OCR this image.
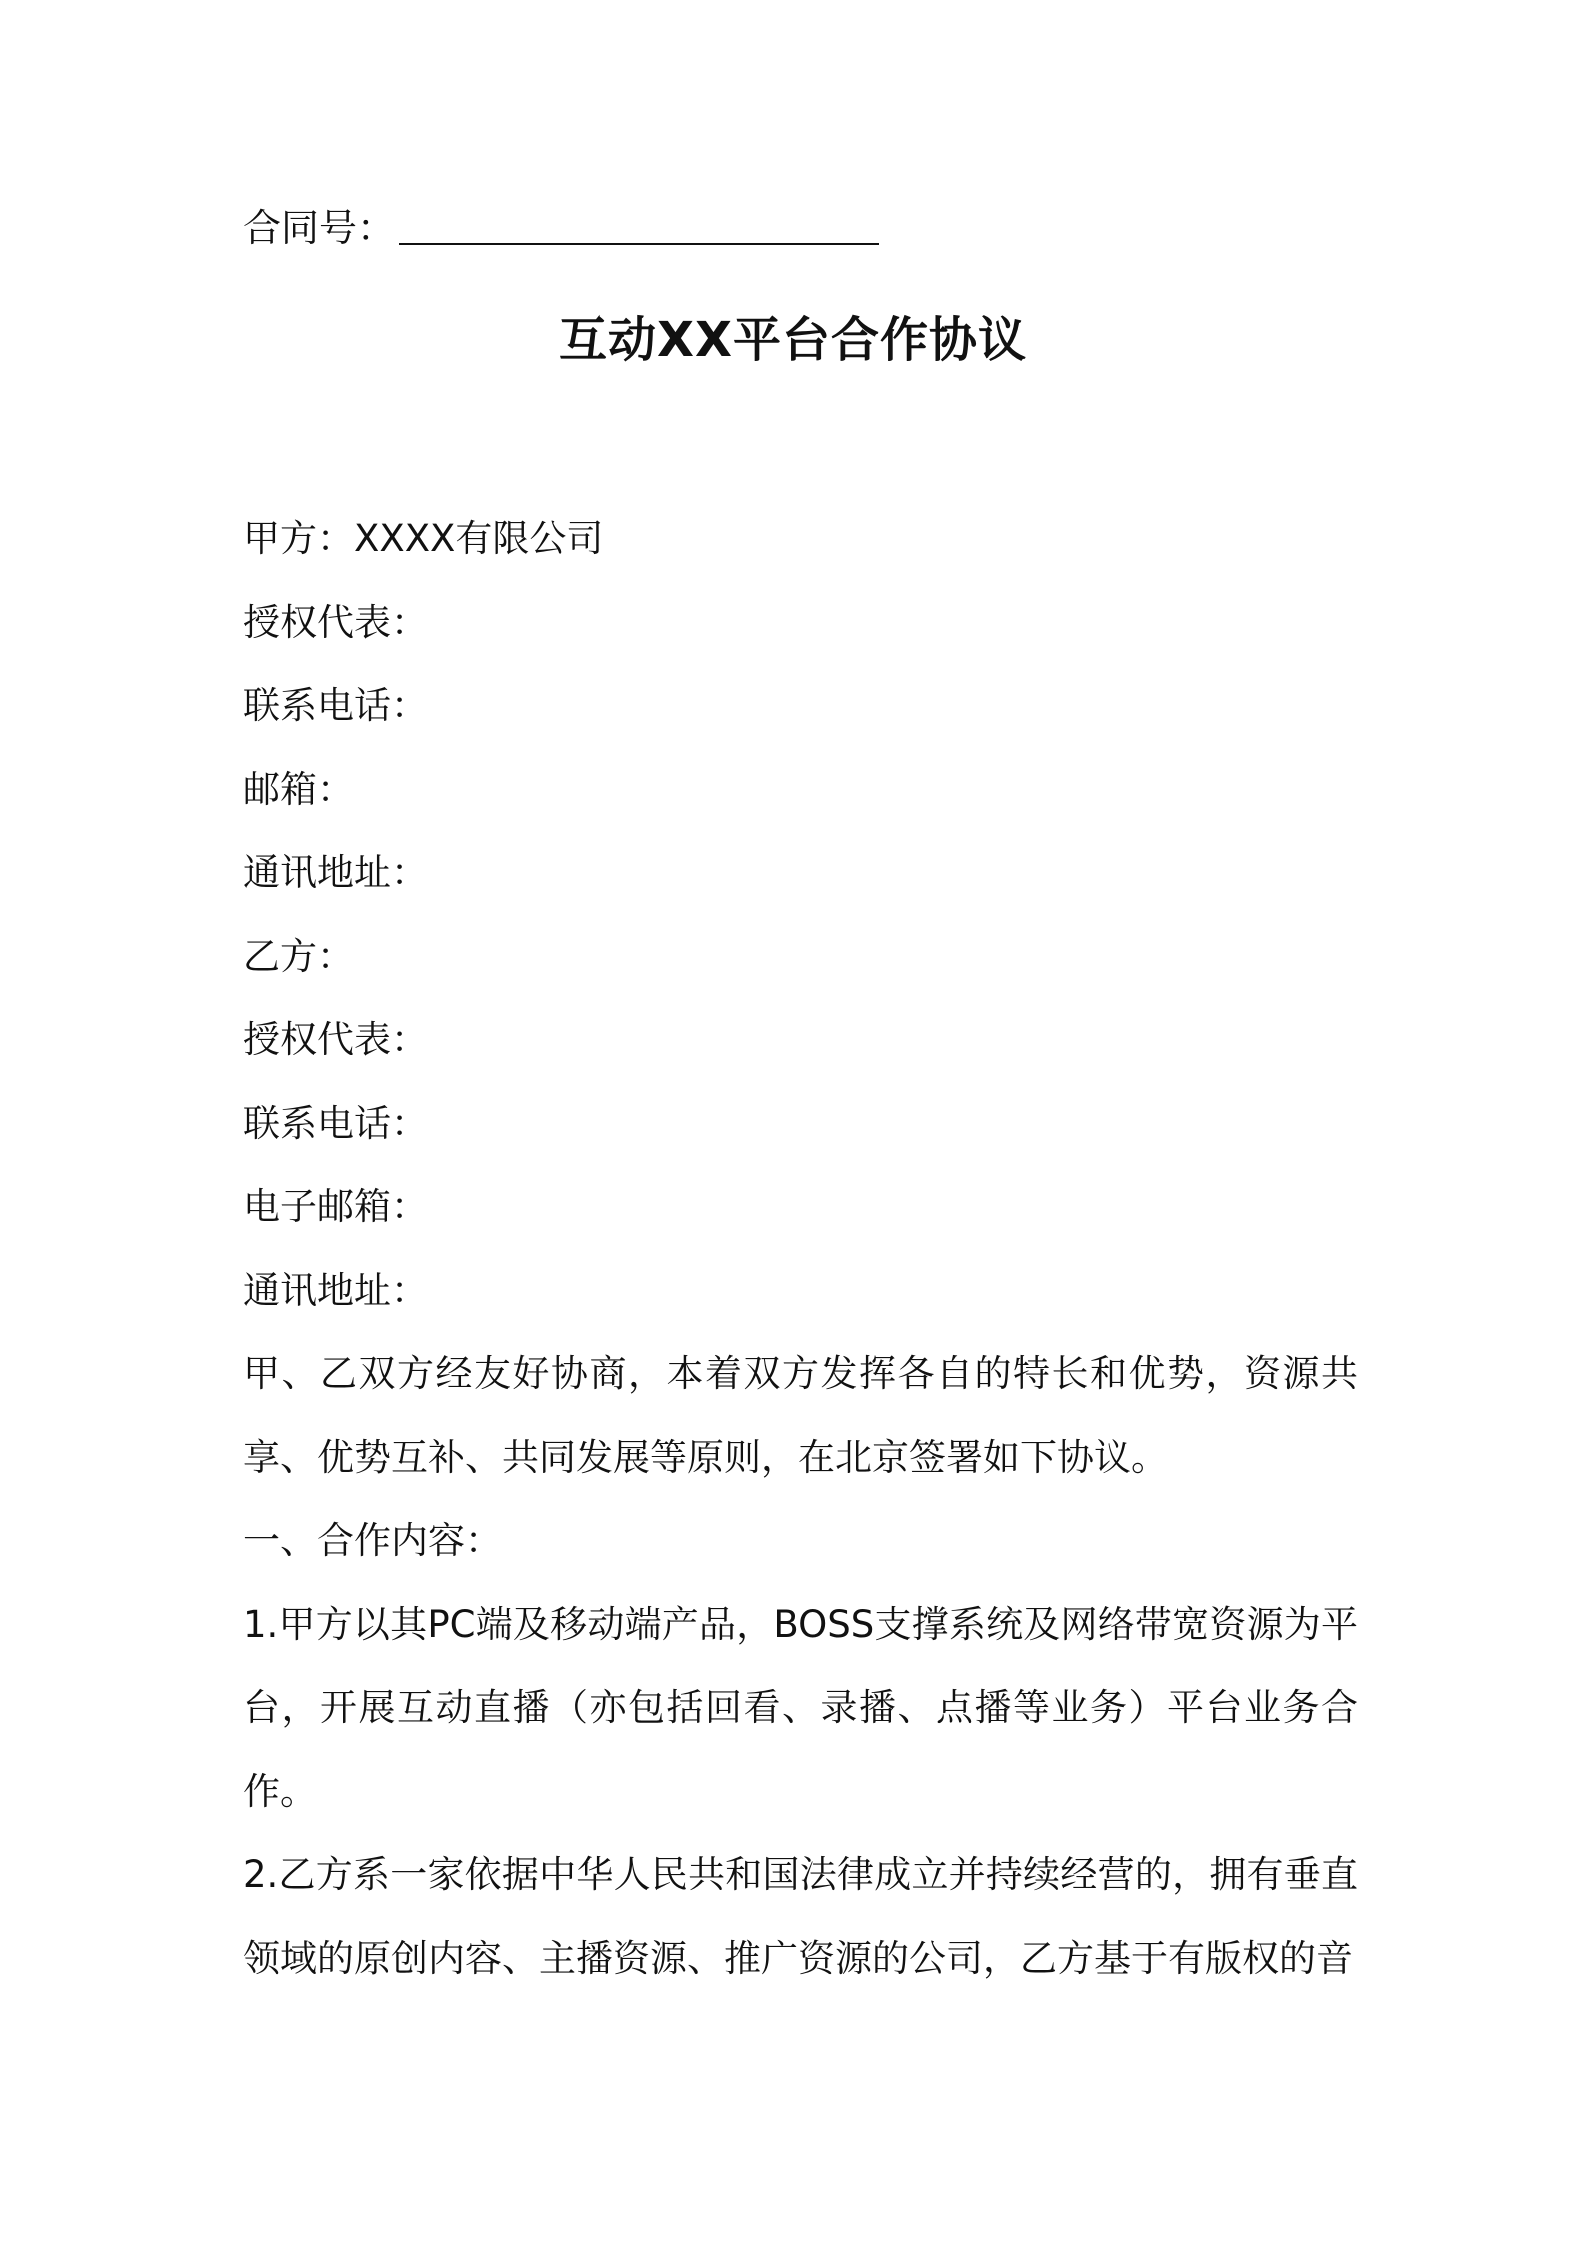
合同号：
互动XX平台合作协议
甲方：XXXX有限公司
授权代表：
联系电话：
邮箱：
通讯地址：
乙方：
授权代表：
联系电话：
电子邮箱：
通讯地址：
甲、乙双方经友好协商，本着双方发挥各自的特长和优势，资源共享、优势互补、共同发展等原则，在北京签署如下协议。
一、合作内容：
1.甲方以其PC端及移动端产品，BOSS支撑系统及网络带宽资源为平台，开展互动直播（亦包括回看、录播、点播等业务）平台业务合作。
2.乙方系一家依据中华人民共和国法律成立并持续经营的，拥有垂直领域的原创内容、主播资源、推广资源的公司，乙方基于有版权的音
